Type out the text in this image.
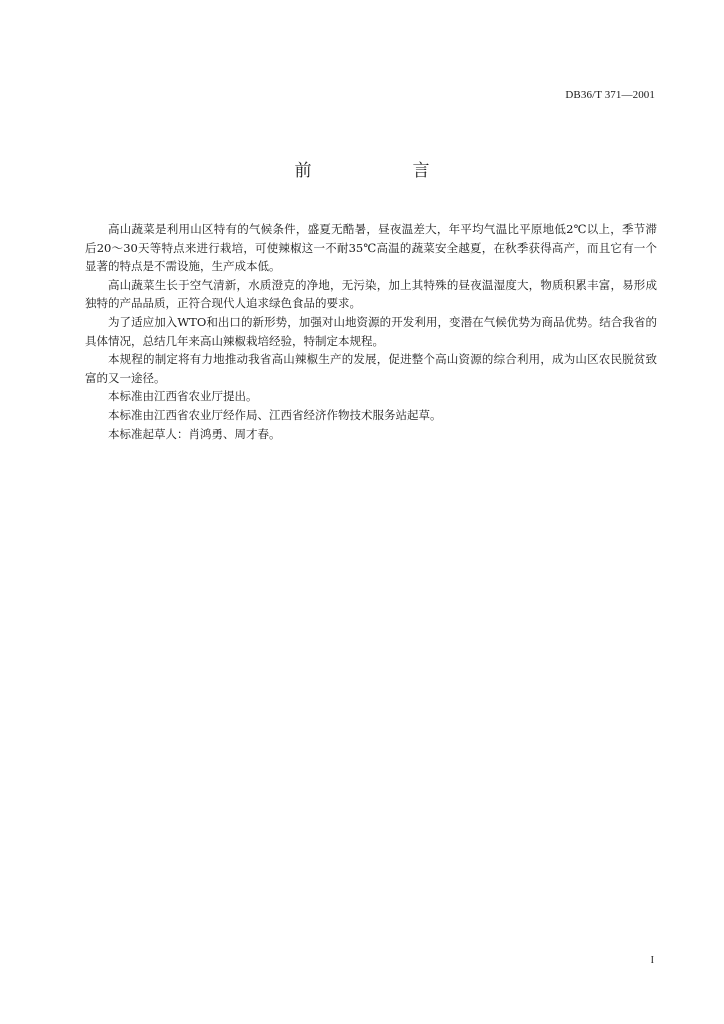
DB36/T 371—2001
前　言

高山蔬菜是利用山区特有的气候条件，盛夏无酷暑，昼夜温差大，年平均气温比平原地低2℃以上，季节滞后20～30天等特点来进行栽培，可使辣椒这一不耐35℃高温的蔬菜安全越夏，在秋季获得高产，而且它有一个显著的特点是不需设施，生产成本低。

高山蔬菜生长于空气清新，水质澄克的净地，无污染，加上其特殊的昼夜温湿度大，物质积累丰富，易形成独特的产品品质，正符合现代人追求绿色食品的要求。

为了适应加入WTO和出口的新形势，加强对山地资源的开发利用，变潜在气候优势为商品优势。结合我省的具体情况，总结几年来高山辣椒栽培经验，特制定本规程。

本规程的制定将有力地推动我省高山辣椒生产的发展，促进整个高山资源的综合利用，成为山区农民脱贫致富的又一途径。

本标准由江西省农业厅提出。

本标准由江西省农业厅经作局、江西省经济作物技术服务站起草。

本标准起草人：肖鸿勇、周才春。

I
